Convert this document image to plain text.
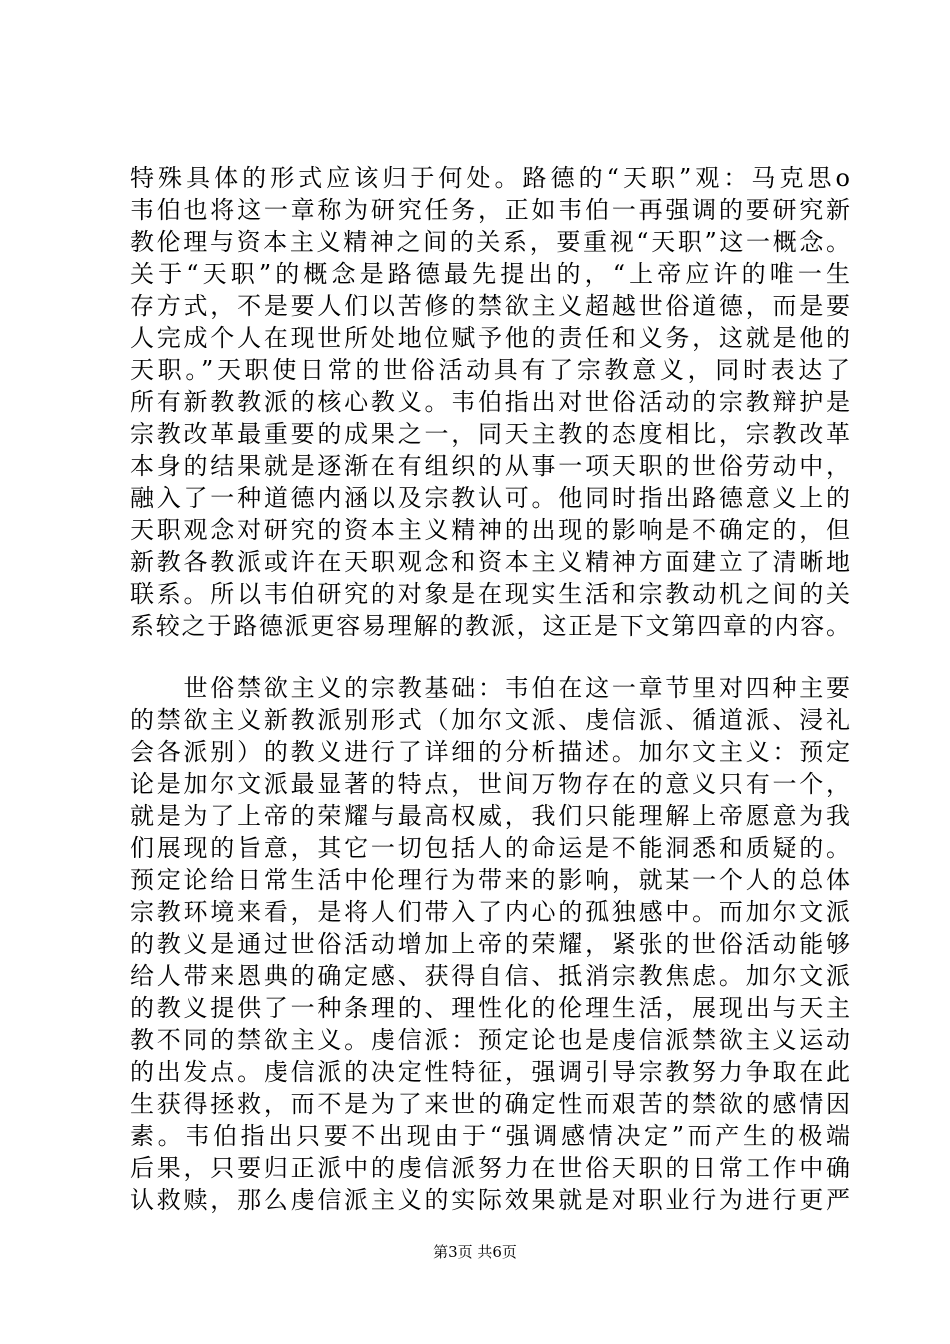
特殊具体的形式应该归于何处。路德的“天职”观：马克思o
韦伯也将这一章称为研究任务，正如韦伯一再强调的要研究新
教伦理与资本主义精神之间的关系，要重视“天职”这一概念。
关于“天职”的概念是路德最先提出的，“上帝应许的唯一生
存方式，不是要人们以苦修的禁欲主义超越世俗道德，而是要
人完成个人在现世所处地位赋予他的责任和义务，这就是他的
天职。”天职使日常的世俗活动具有了宗教意义，同时表达了
所有新教教派的核心教义。韦伯指出对世俗活动的宗教辩护是
宗教改革最重要的成果之一，同天主教的态度相比，宗教改革
本身的结果就是逐渐在有组织的从事一项天职的世俗劳动中，
融入了一种道德内涵以及宗教认可。他同时指出路德意义上的
天职观念对研究的资本主义精神的出现的影响是不确定的，但
新教各教派或许在天职观念和资本主义精神方面建立了清晰地
联系。所以韦伯研究的对象是在现实生活和宗教动机之间的关
系较之于路德派更容易理解的教派，这正是下文第四章的内容。
　　世俗禁欲主义的宗教基础：韦伯在这一章节里对四种主要
的禁欲主义新教派别形式（加尔文派、虔信派、循道派、浸礼
会各派别）的教义进行了详细的分析描述。加尔文主义：预定
论是加尔文派最显著的特点，世间万物存在的意义只有一个，
就是为了上帝的荣耀与最高权威，我们只能理解上帝愿意为我
们展现的旨意，其它一切包括人的命运是不能洞悉和质疑的。
预定论给日常生活中伦理行为带来的影响，就某一个人的总体
宗教环境来看，是将人们带入了内心的孤独感中。而加尔文派
的教义是通过世俗活动增加上帝的荣耀，紧张的世俗活动能够
给人带来恩典的确定感、获得自信、抵消宗教焦虑。加尔文派
的教义提供了一种条理的、理性化的伦理生活，展现出与天主
教不同的禁欲主义。虔信派：预定论也是虔信派禁欲主义运动
的出发点。虔信派的决定性特征，强调引导宗教努力争取在此
生获得拯救，而不是为了来世的确定性而艰苦的禁欲的感情因
素。韦伯指出只要不出现由于“强调感情决定”而产生的极端
后果，只要归正派中的虔信派努力在世俗天职的日常工作中确
认救赎，那么虔信派主义的实际效果就是对职业行为进行更严
第3页 共6页
